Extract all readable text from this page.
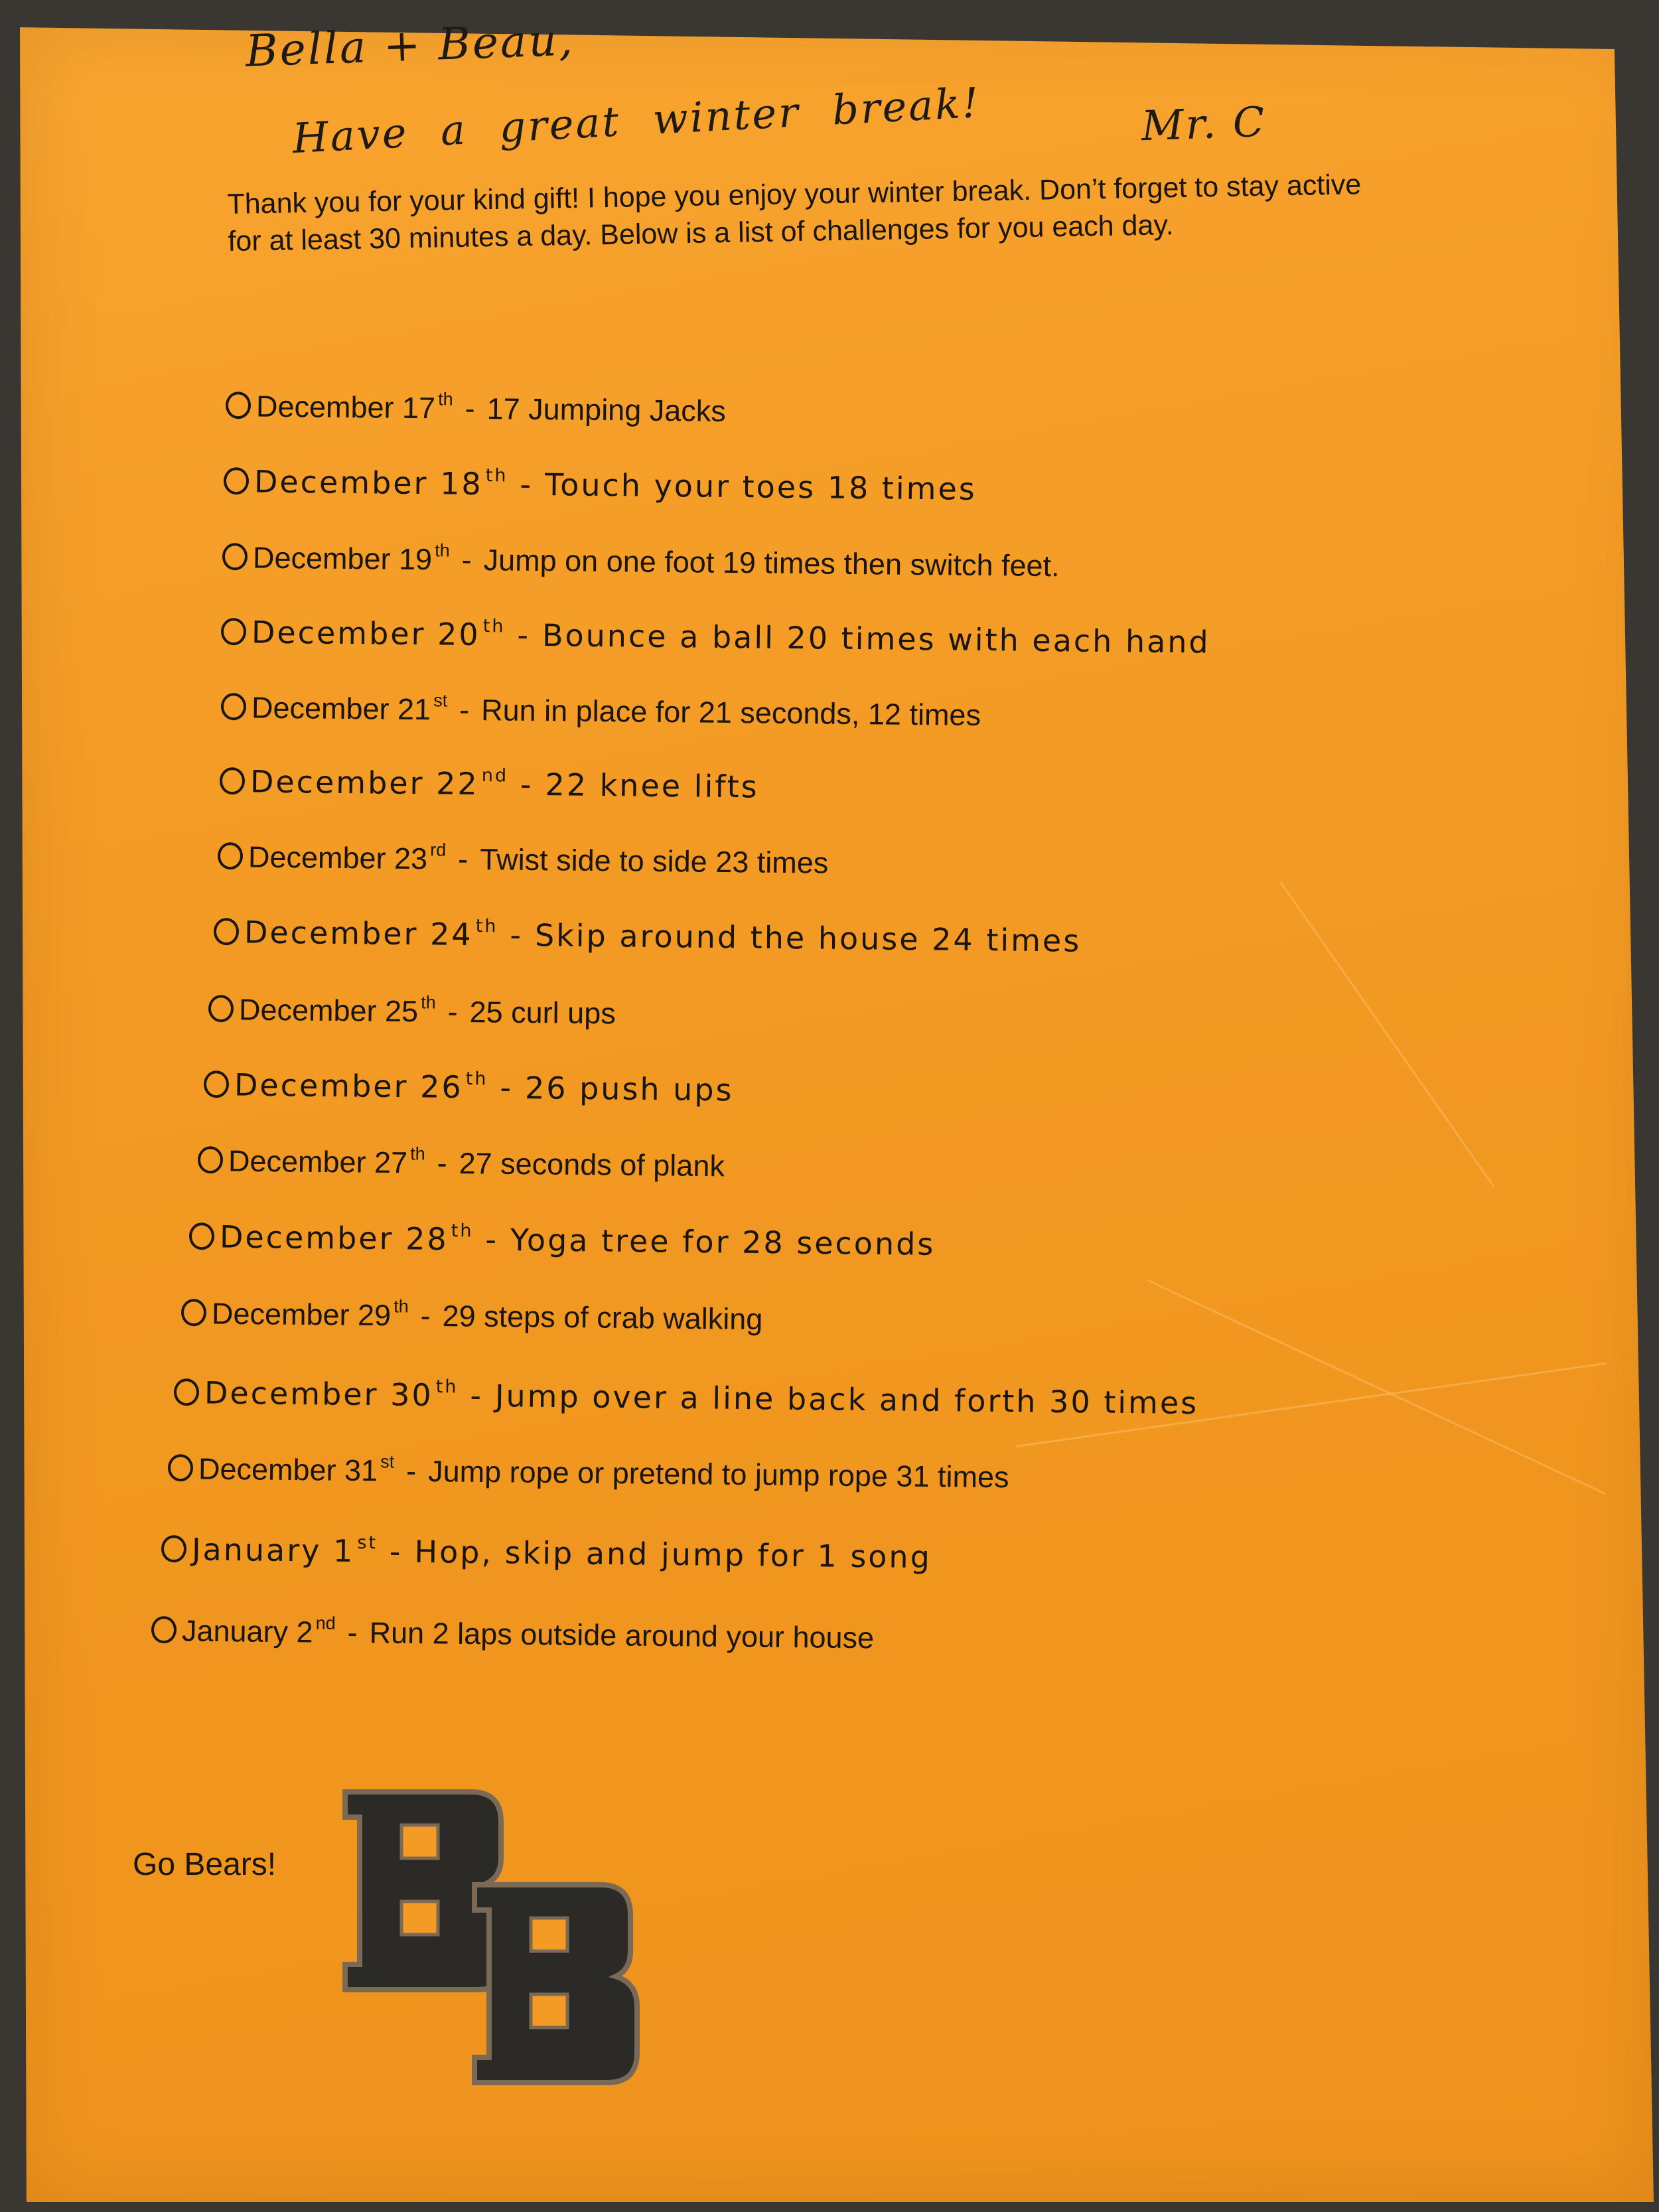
Bella + Beau,
Have a great winter break!	Mr. C
Thank you for your kind gift! I hope you enjoy your winter break. Don’t forget to stay active for at least 30 minutes a day. Below is a list of challenges for you each day.
December 17 $^{th}$ - 17 Jumping Jacks
December 18 $^{th}$ - Touch your toes 18 times
December 19 $^{th}$ - Jump on one foot 19 times then switch feet.
December 20 $^{th}$ - Bounce a ball 20 times with each hand
December 21 $^{st}$ - Run in place for 21 seconds, 12 times
December 22 $^{nd}$ - 22 knee lifts
December 23 $^{rd}$ - Twist side to side 23 times
December 24 $^{th}$ - Skip around the house 24 times
December 25 $^{th}$ - 25 curl ups
December 26 $^{th}$ - 26 push ups
December 27 $^{th}$ - 27 seconds of plank
December 28 $^{th}$ - Yoga tree for 28 seconds
December 29 $^{th}$ - 29 steps of crab walking
December 30 $^{th}$ - Jump over a line back and forth 30 times
December 31 $^{st}$ - Jump rope or pretend to jump rope 31 times
January 1 $^{st}$ - Hop, skip and jump for 1 song
January 2 $^{nd}$ - Run 2 laps outside around your house
Go Bears!
